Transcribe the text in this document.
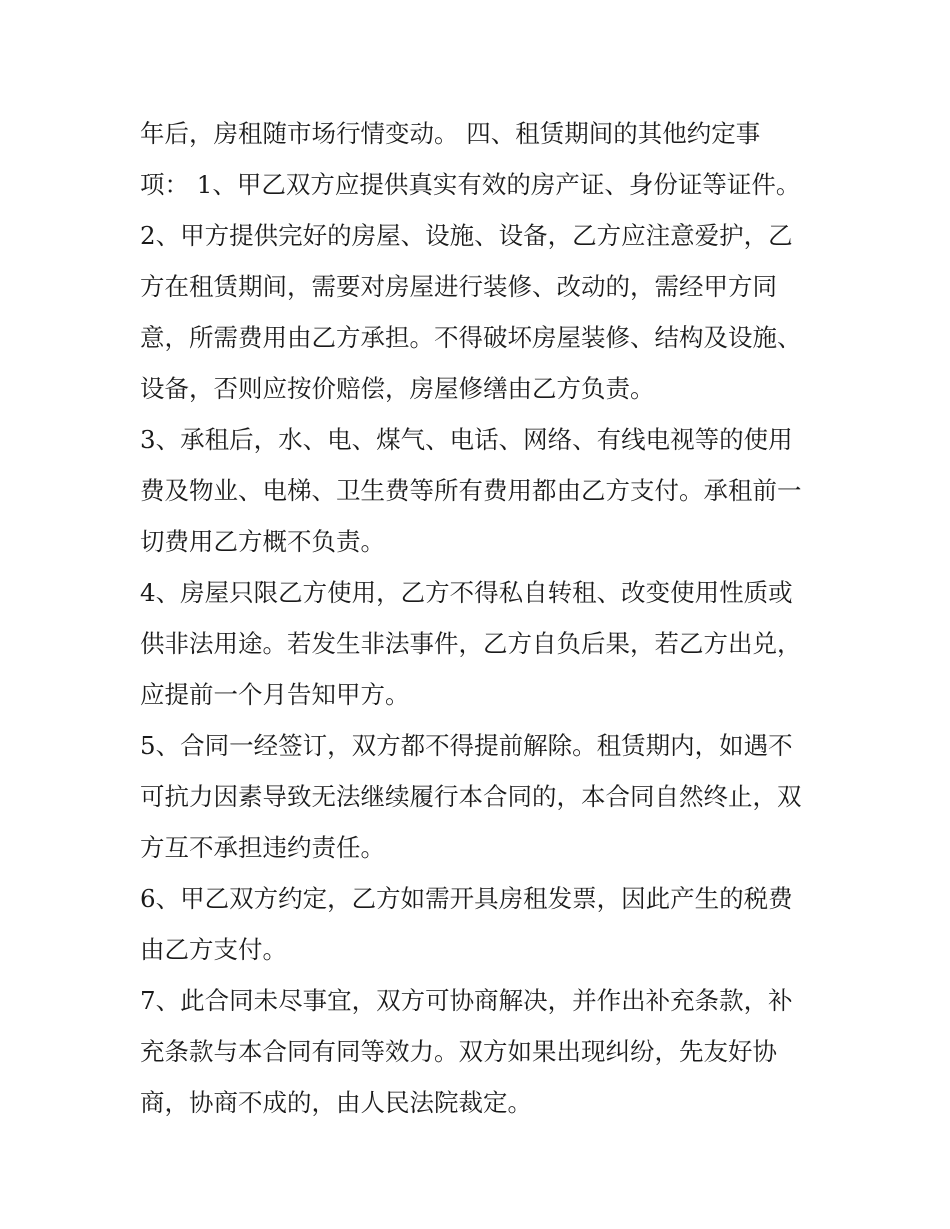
年后，房租随市场行情变动。 四、租赁期间的其他约定事
项： 1、甲乙双方应提供真实有效的房产证、身份证等证件。
2、甲方提供完好的房屋、设施、设备，乙方应注意爱护，乙
方在租赁期间，需要对房屋进行装修、改动的，需经甲方同
意，所需费用由乙方承担。不得破坏房屋装修、结构及设施、
设备，否则应按价赔偿，房屋修缮由乙方负责。
3、承租后，水、电、煤气、电话、网络、有线电视等的使用
费及物业、电梯、卫生费等所有费用都由乙方支付。承租前一
切费用乙方概不负责。
4、房屋只限乙方使用，乙方不得私自转租、改变使用性质或
供非法用途。若发生非法事件，乙方自负后果，若乙方出兑，
应提前一个月告知甲方。
5、合同一经签订，双方都不得提前解除。租赁期内，如遇不
可抗力因素导致无法继续履行本合同的，本合同自然终止，双
方互不承担违约责任。
6、甲乙双方约定，乙方如需开具房租发票，因此产生的税费
由乙方支付。
7、此合同未尽事宜，双方可协商解决，并作出补充条款，补
充条款与本合同有同等效力。双方如果出现纠纷，先友好协
商，协商不成的，由人民法院裁定。
